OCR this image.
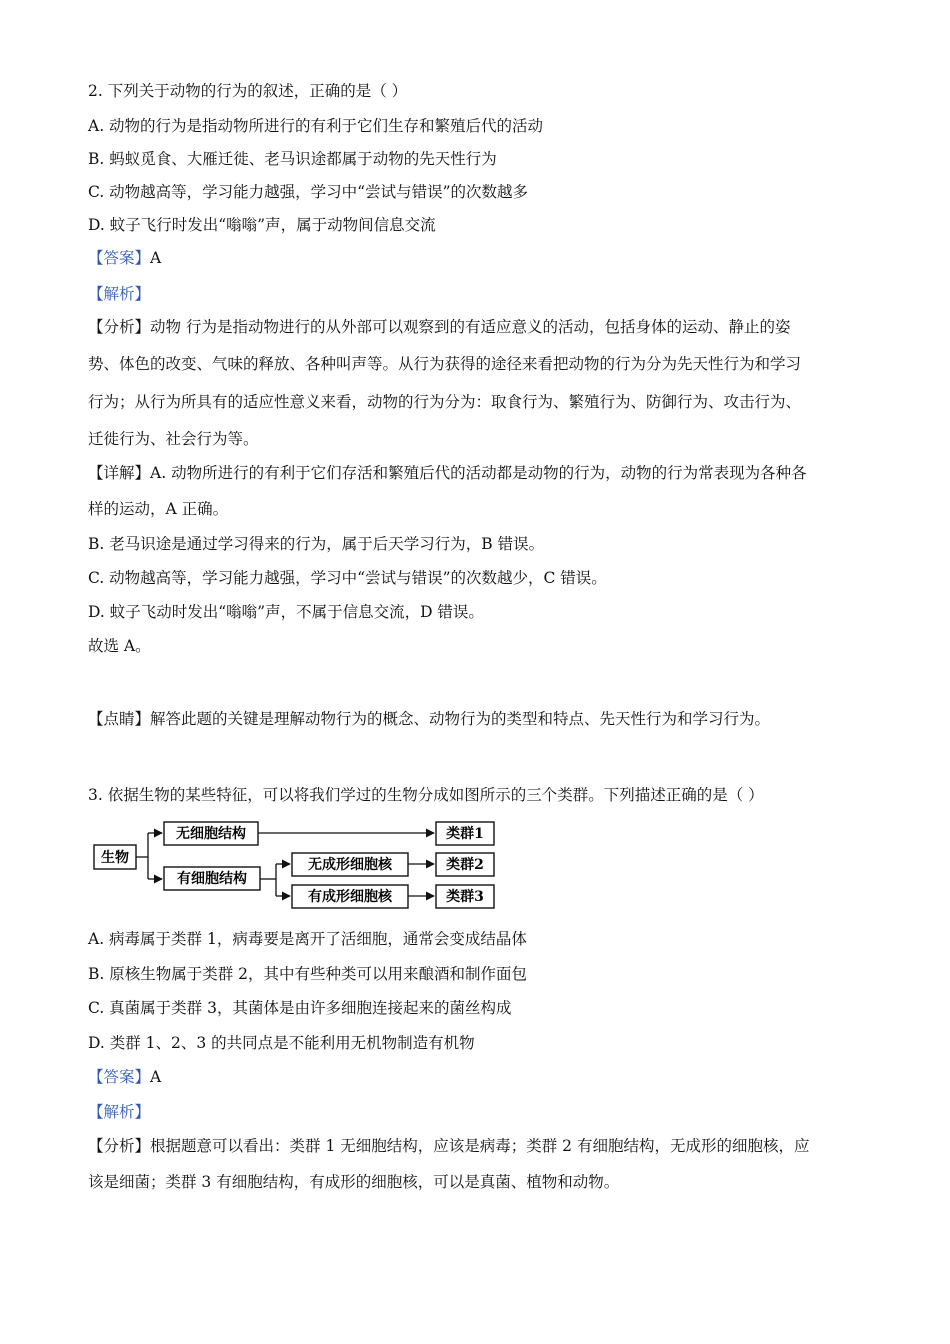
2. 下列关于动物的行为的叙述，正确的是（ ）
A. 动物的行为是指动物所进行的有利于它们生存和繁殖后代的活动
B. 蚂蚁觅食、大雁迁徙、老马识途都属于动物的先天性行为
C. 动物越高等，学习能力越强，学习中“尝试与错误”的次数越多
D. 蚊子飞行时发出“嗡嗡”声，属于动物间信息交流
【答案】A
【解析】
【分析】动物 行为是指动物进行的从外部可以观察到的有适应意义的活动，包括身体的运动、静止的姿
势、体色的改变、气味的释放、各种叫声等。从行为获得的途径来看把动物的行为分为先天性行为和学习
行为；从行为所具有的适应性意义来看，动物的行为分为：取食行为、繁殖行为、防御行为、攻击行为、
迁徙行为、社会行为等。
【详解】A. 动物所进行的有利于它们存活和繁殖后代的活动都是动物的行为，动物的行为常表现为各种各
样的运动，A 正确。
B. 老马识途是通过学习得来的行为，属于后天学习行为，B 错误。
C. 动物越高等，学习能力越强，学习中“尝试与错误”的次数越少，C 错误。
D. 蚊子飞动时发出“嗡嗡”声，不属于信息交流，D 错误。
故选 A。
【点睛】解答此题的关键是理解动物行为的概念、动物行为的类型和特点、先天性行为和学习行为。
3. 依据生物的某些特征，可以将我们学过的生物分成如图所示的三个类群。下列描述正确的是（ ）
生物
无细胞结构
有细胞结构
无成形细胞核
有成形细胞核
类群1
类群2
类群3
A. 病毒属于类群 1，病毒要是离开了活细胞，通常会变成结晶体
B. 原核生物属于类群 2，其中有些种类可以用来酿酒和制作面包
C. 真菌属于类群 3，其菌体是由许多细胞连接起来的菌丝构成
D. 类群 1、2、3 的共同点是不能利用无机物制造有机物
【答案】A
【解析】
【分析】根据题意可以看出：类群 1 无细胞结构，应该是病毒；类群 2 有细胞结构，无成形的细胞核，应
该是细菌；类群 3 有细胞结构，有成形的细胞核，可以是真菌、植物和动物。
